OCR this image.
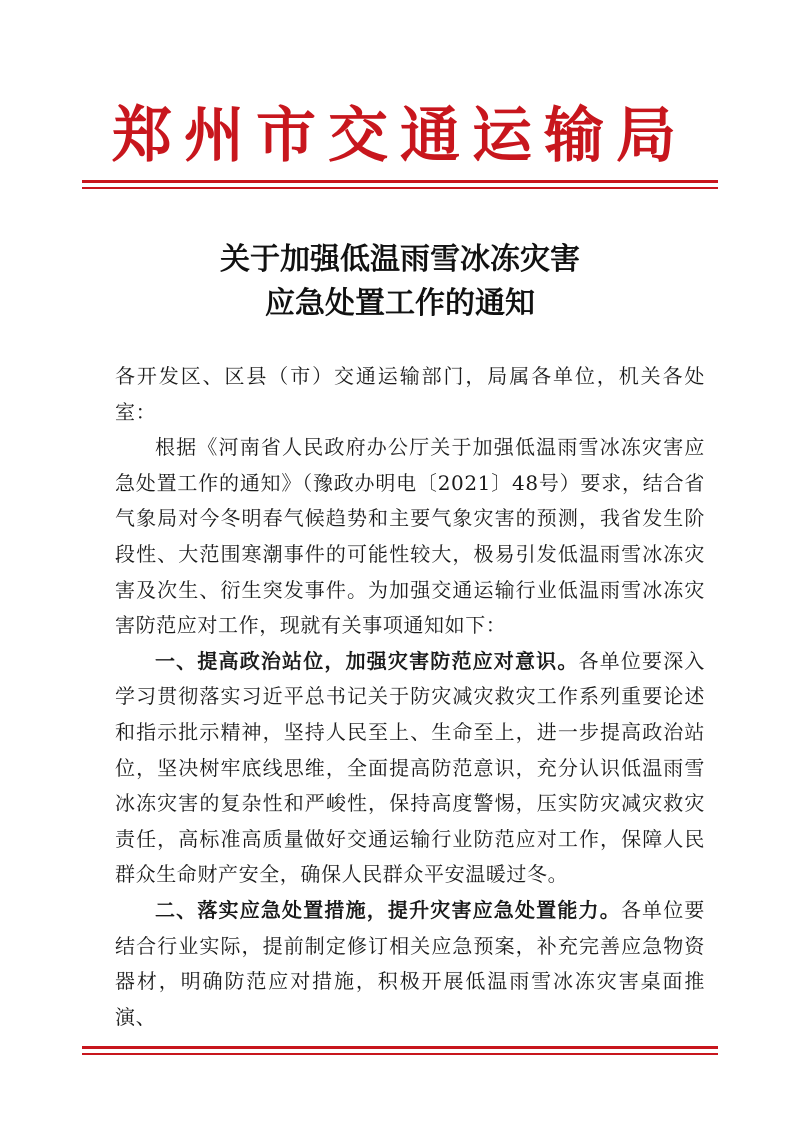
郑州市交通运输局
关于加强低温雨雪冰冻灾害
应急处置工作的通知

各开发区、区县（市）交通运输部门，局属各单位，机关各处室：

根据《河南省人民政府办公厅关于加强低温雨雪冰冻灾害应急处置工作的通知》（豫政办明电〔2021〕48号）要求，结合省气象局对今冬明春气候趋势和主要气象灾害的预测，我省发生阶段性、大范围寒潮事件的可能性较大，极易引发低温雨雪冰冻灾害及次生、衍生突发事件。为加强交通运输行业低温雨雪冰冻灾害防范应对工作，现就有关事项通知如下：

一、提高政治站位，加强灾害防范应对意识。各单位要深入学习贯彻落实习近平总书记关于防灾减灾救灾工作系列重要论述和指示批示精神，坚持人民至上、生命至上，进一步提高政治站位，坚决树牢底线思维，全面提高防范意识，充分认识低温雨雪冰冻灾害的复杂性和严峻性，保持高度警惕，压实防灾减灾救灾责任，高标准高质量做好交通运输行业防范应对工作，保障人民群众生命财产安全，确保人民群众平安温暖过冬。

二、落实应急处置措施，提升灾害应急处置能力。各单位要结合行业实际，提前制定修订相关应急预案，补充完善应急物资器材，明确防范应对措施，积极开展低温雨雪冰冻灾害桌面推演、
